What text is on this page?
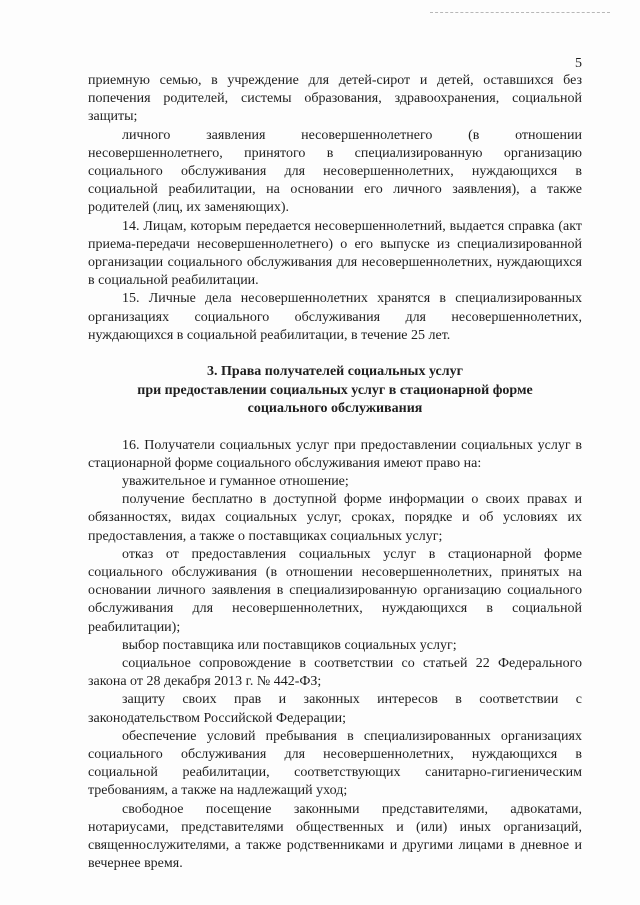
5

приемную семью, в учреждение для детей-сирот и детей, оставшихся без попечения родителей, системы образования, здравоохранения, социальной защиты;

личного заявления несовершеннолетнего (в отношении несовершеннолетнего, принятого в специализированную организацию социального обслуживания для несовершеннолетних, нуждающихся в социальной реабилитации, на основании его личного заявления), а также родителей (лиц, их заменяющих).

14. Лицам, которым передается несовершеннолетний, выдается справка (акт приема-передачи несовершеннолетнего) о его выпуске из специализированной организации социального обслуживания для несовершеннолетних, нуждающихся в социальной реабилитации.

15. Личные дела несовершеннолетних хранятся в специализированных организациях социального обслуживания для несовершеннолетних, нуждающихся в социальной реабилитации, в течение 25 лет.

3. Права получателей социальных услуг
при предоставлении социальных услуг в стационарной форме
социального обслуживания

16. Получатели социальных услуг при предоставлении социальных услуг в стационарной форме социального обслуживания имеют право на:

уважительное и гуманное отношение;

получение бесплатно в доступной форме информации о своих правах и обязанностях, видах социальных услуг, сроках, порядке и об условиях их предоставления, а также о поставщиках социальных услуг;

отказ от предоставления социальных услуг в стационарной форме социального обслуживания (в отношении несовершеннолетних, принятых на основании личного заявления в специализированную организацию социального обслуживания для несовершеннолетних, нуждающихся в социальной реабилитации);

выбор поставщика или поставщиков социальных услуг;

социальное сопровождение в соответствии со статьей 22 Федерального закона от 28 декабря 2013 г. № 442-ФЗ;

защиту своих прав и законных интересов в соответствии с законодательством Российской Федерации;

обеспечение условий пребывания в специализированных организациях социального обслуживания для несовершеннолетних, нуждающихся в социальной реабилитации, соответствующих санитарно-гигиеническим требованиям, а также на надлежащий уход;

свободное посещение законными представителями, адвокатами, нотариусами, представителями общественных и (или) иных организаций, священнослужителями, а также родственниками и другими лицами в дневное и вечернее время.
